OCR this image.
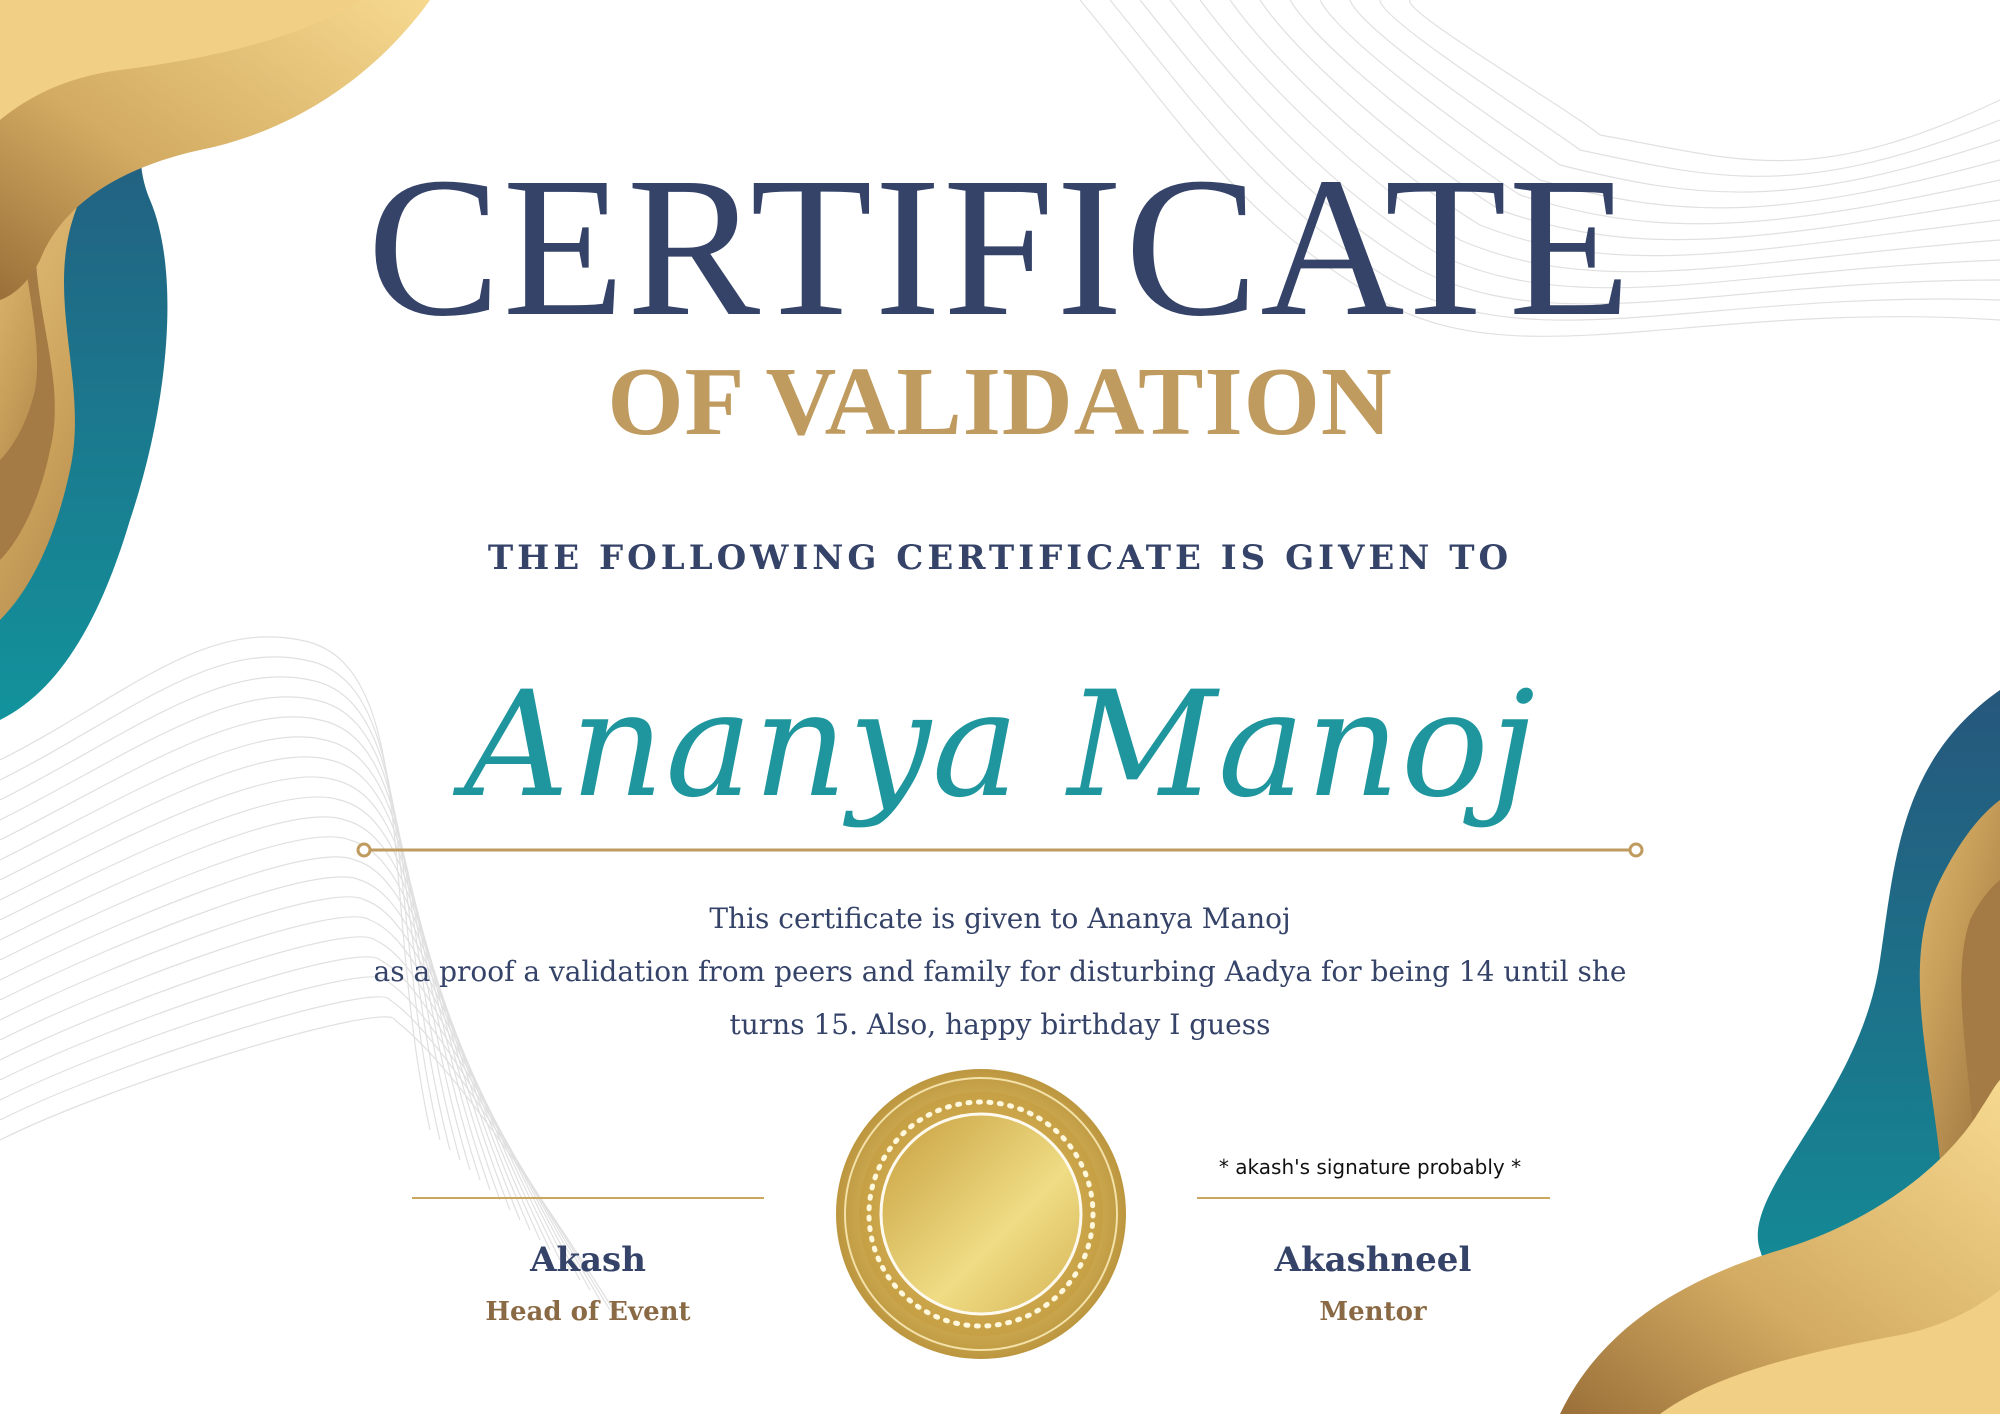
CERTIFICATE
OF VALIDATION
THE FOLLOWING CERTIFICATE IS GIVEN TO
Ananya Manoj
This certificate is given to Ananya Manoj
as a proof a validation from peers and family for disturbing Aadya for being 14 until she
turns 15. Also, happy birthday I guess
* akash's signature probably *
Akash
Head of Event
Akashneel
Mentor
